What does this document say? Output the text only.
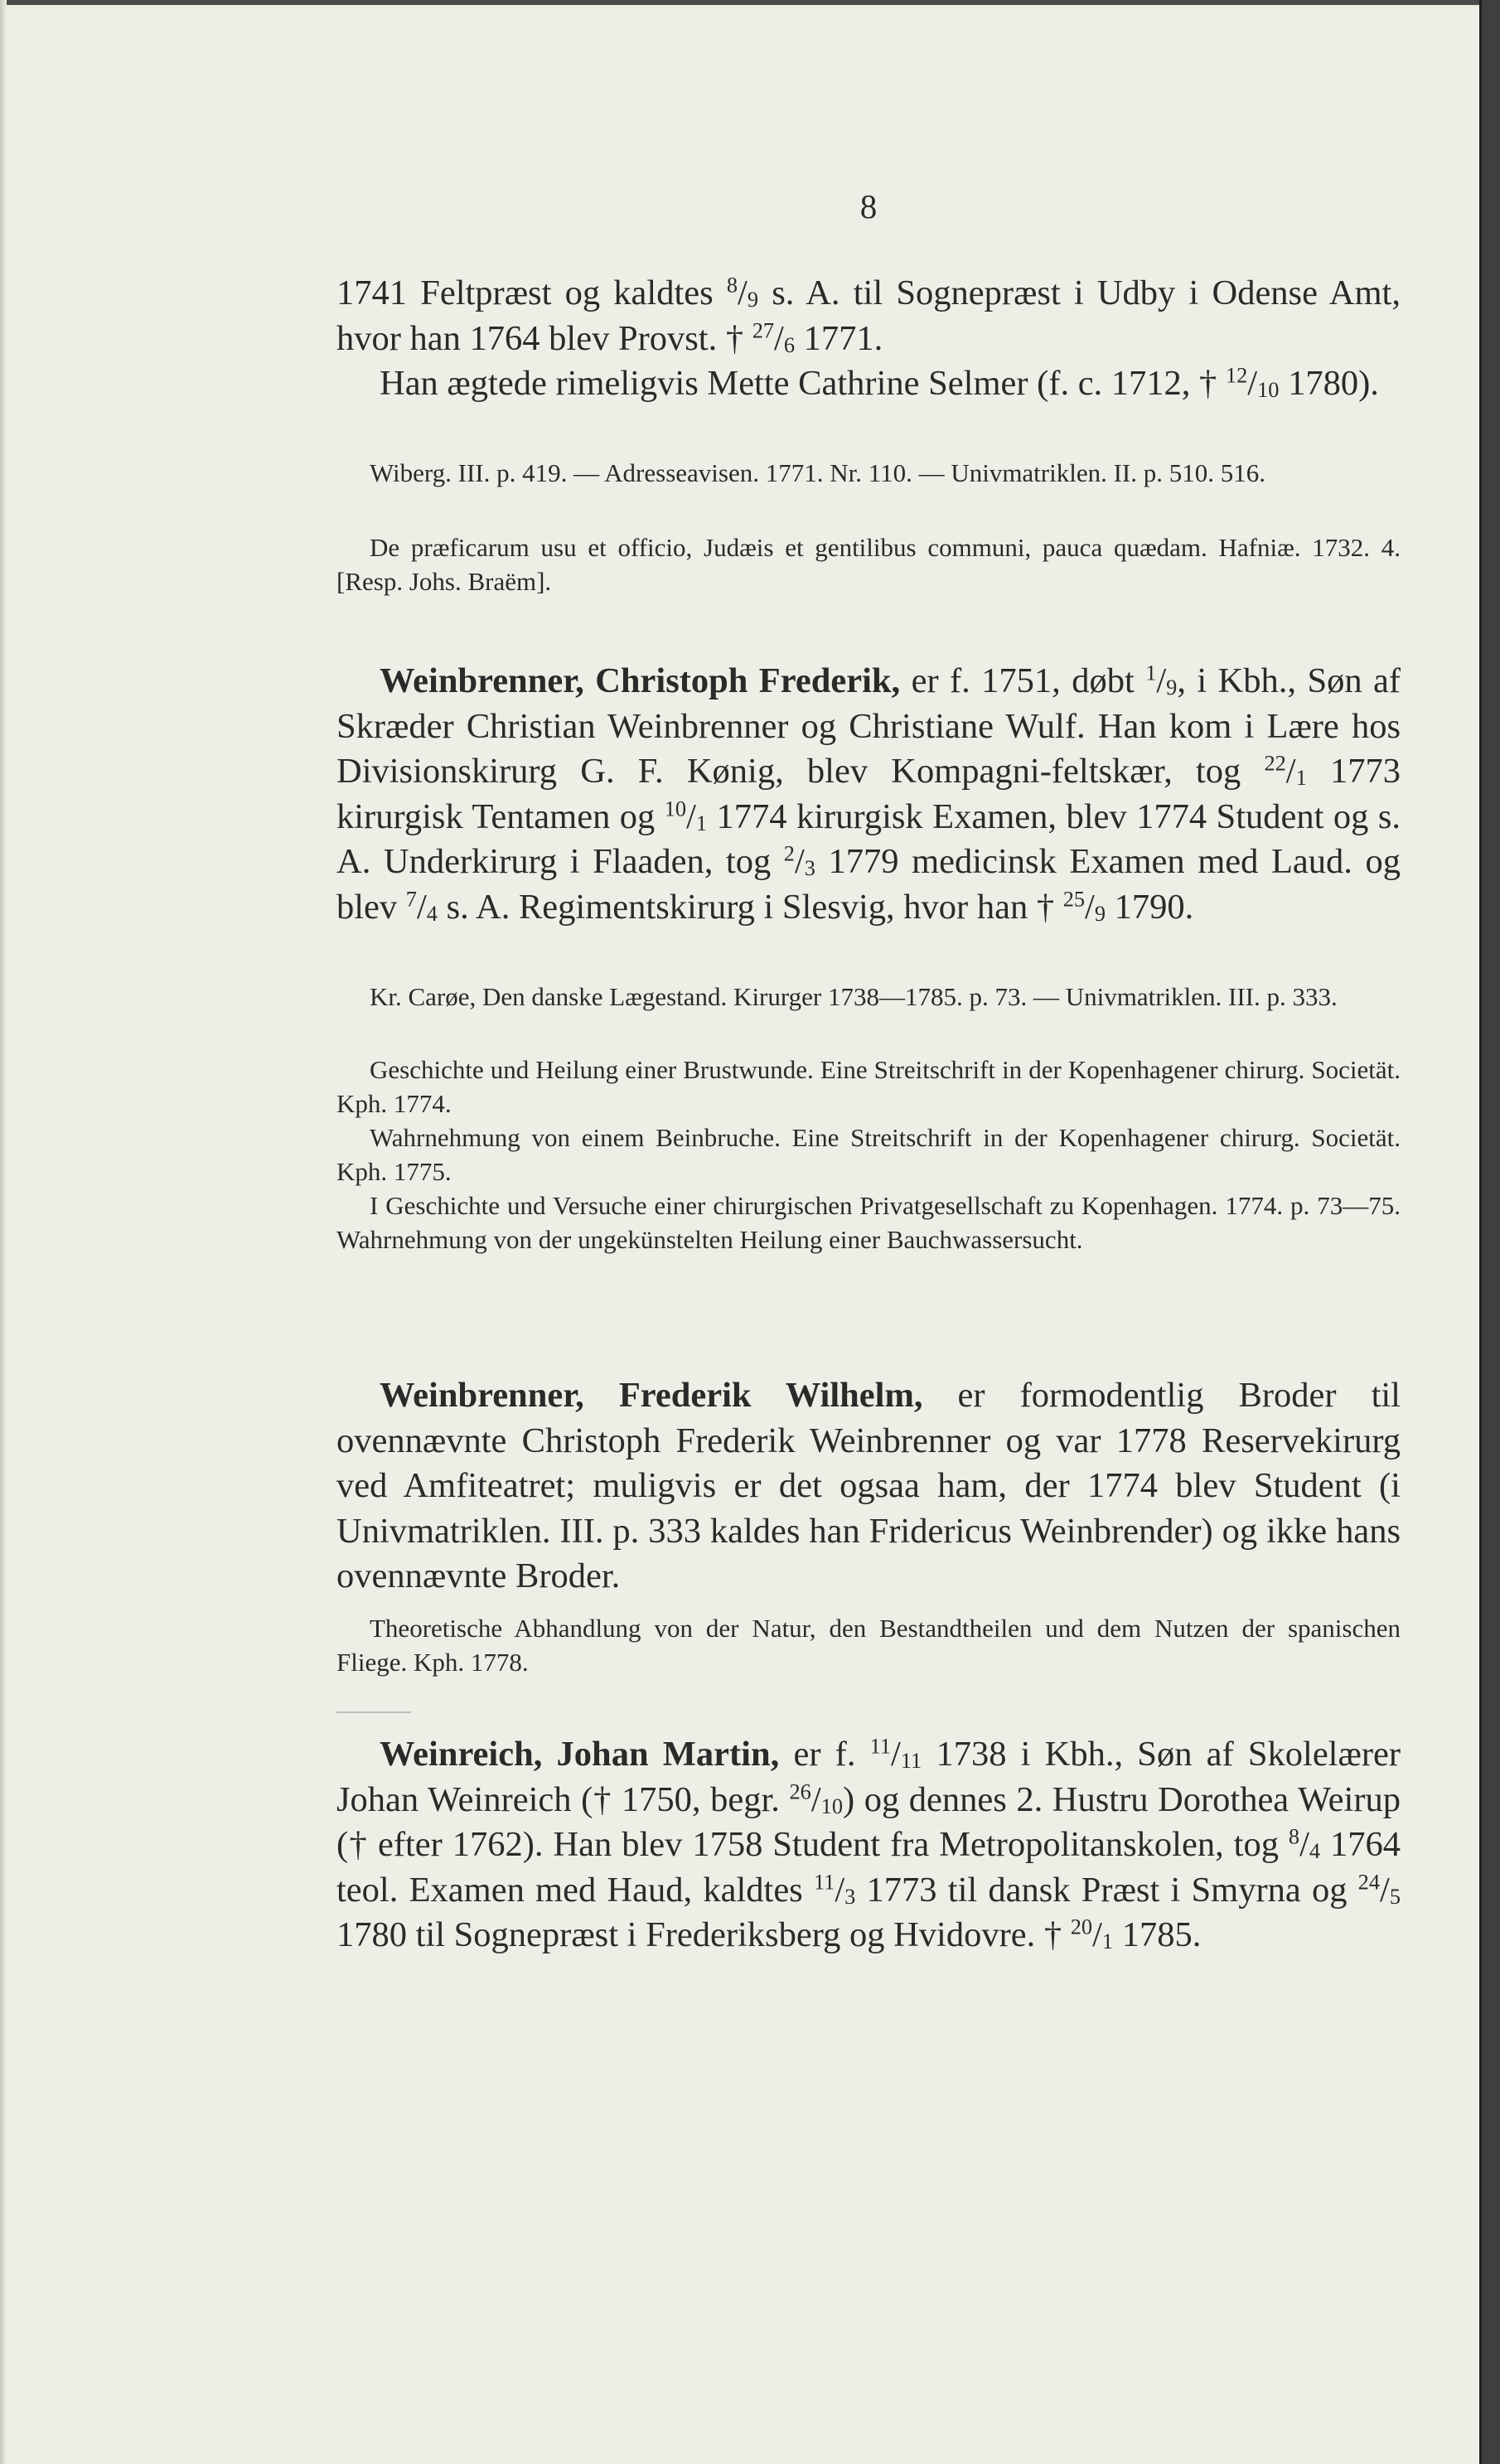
8

1741 Feltpræst og kaldtes $^8$/9 s. A. til Sognepræst i Udby i Odense Amt, hvor han 1764 blev Provst. † $^{27}$/6 1771.

Han ægtede rimeligvis Mette Cathrine Selmer (f. c. 1712, † $^{12}$/10 1780).

Wiberg. III. p. 419. — Adresseavisen. 1771. Nr. 110. — Univmatriklen. II. p. 510. 516.

De præficarum usu et officio, Judæis et gentilibus communi, pauca quædam. Hafniæ. 1732. 4. [Resp. Johs. Braëm].

Weinbrenner, Christoph Frederik, er f. 1751, døbt $^1$/9, i Kbh., Søn af Skræder Christian Weinbrenner og Christiane Wulf. Han kom i Lære hos Divisionskirurg G. F. Kønig, blev Kompagni-feltskær, tog $^{22}$/1 1773 kirurgisk Tentamen og $^{10}$/1 1774 kirurgisk Examen, blev 1774 Student og s. A. Underkirurg i Flaaden, tog $^2$/3 1779 medicinsk Examen med Laud. og blev $^7$/4 s. A. Regimentskirurg i Slesvig, hvor han † $^{25}$/9 1790.

Kr. Carøe, Den danske Lægestand. Kirurger 1738—1785. p. 73. — Univmatriklen. III. p. 333.

Geschichte und Heilung einer Brustwunde. Eine Streitschrift in der Kopenhagener chirurg. Societät. Kph. 1774.

Wahrnehmung von einem Beinbruche. Eine Streitschrift in der Kopenhagener chirurg. Societät. Kph. 1775.

I Geschichte und Versuche einer chirurgischen Privatgesellschaft zu Kopenhagen. 1774. p. 73—75. Wahrnehmung von der ungekünstelten Heilung einer Bauchwassersucht.

Weinbrenner, Frederik Wilhelm, er formodentlig Broder til ovennævnte Christoph Frederik Weinbrenner og var 1778 Reservekirurg ved Amfiteatret; muligvis er det ogsaa ham, der 1774 blev Student (i Univmatriklen. III. p. 333 kaldes han Fridericus Weinbrender) og ikke hans ovennævnte Broder.

Theoretische Abhandlung von der Natur, den Bestandtheilen und dem Nutzen der spanischen Fliege. Kph. 1778.

Weinreich, Johan Martin, er f. $^{11}$/11 1738 i Kbh., Søn af Skolelærer Johan Weinreich († 1750, begr. $^{26}$/10) og dennes 2. Hustru Dorothea Weirup († efter 1762). Han blev 1758 Student fra Metropolitanskolen, tog $^8$/4 1764 teol. Examen med Haud, kaldtes $^{11}$/3 1773 til dansk Præst i Smyrna og $^{24}$/5 1780 til Sognepræst i Frederiksberg og Hvidovre. † $^{20}$/1 1785.
